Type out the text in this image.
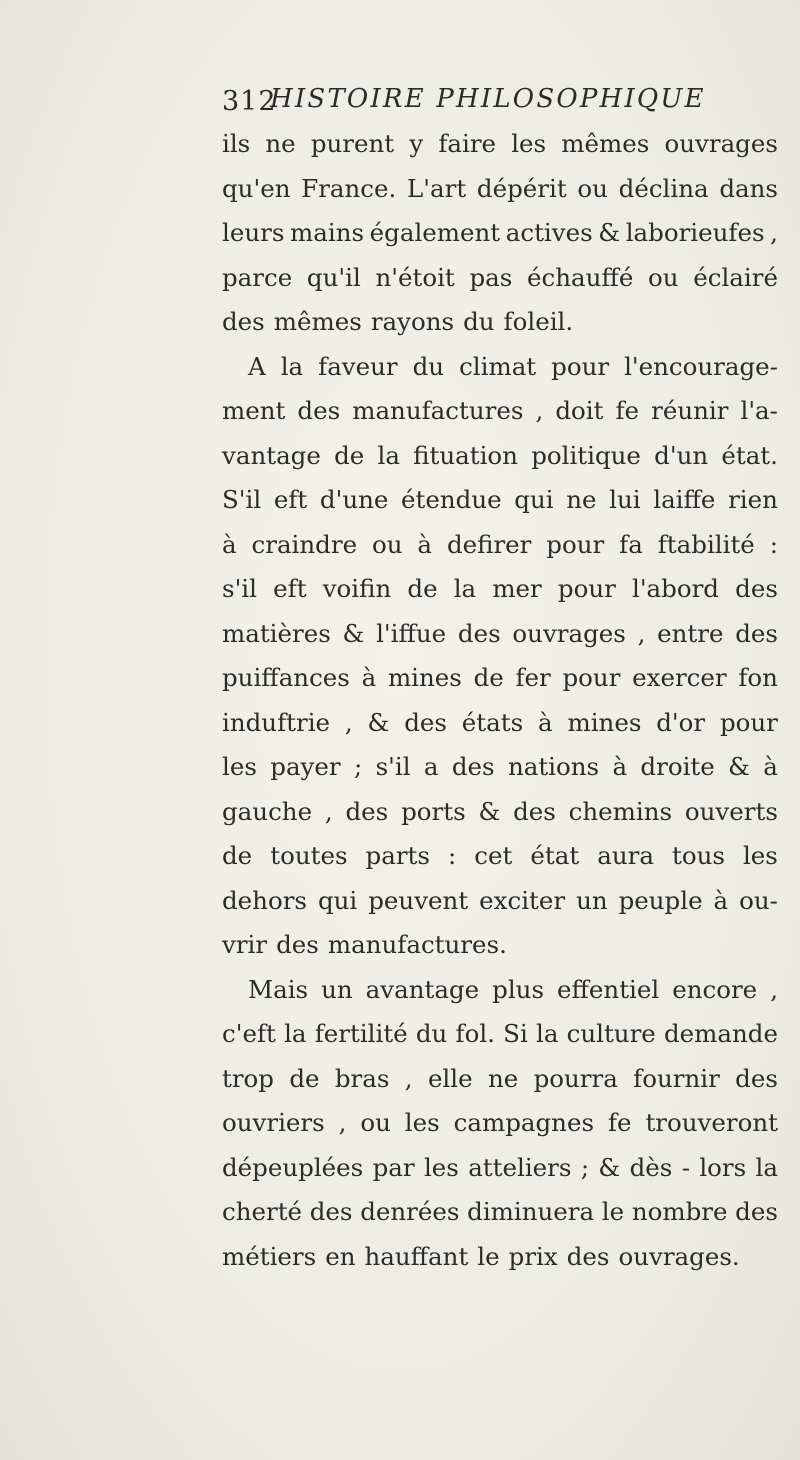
312
HISTOIRE PHILOSOPHIQUE
ils ne purent y faire les mêmes ouvrages
qu'en France. L'art dépérit ou déclina dans
leurs mains également actives & laborieufes ,
parce qu'il n'étoit pas échauffé ou éclairé
des mêmes rayons du foleil.
A la faveur du climat pour l'encourage-
ment des manufactures , doit fe réunir l'a-
vantage de la fituation politique d'un état.
S'il eft d'une étendue qui ne lui laiffe rien
à craindre ou à defirer pour fa ftabilité :
s'il eft voifin de la mer pour l'abord des
matières & l'iffue des ouvrages , entre des
puiffances à mines de fer pour exercer fon
induftrie , & des états à mines d'or pour
les payer ; s'il a des nations à droite & à
gauche , des ports & des chemins ouverts
de toutes parts : cet état aura tous les
dehors qui peuvent exciter un peuple à ou-
vrir des manufactures.
Mais un avantage plus effentiel encore ,
c'eft la fertilité du fol. Si la culture demande
trop de bras , elle ne pourra fournir des
ouvriers , ou les campagnes fe trouveront
dépeuplées par les atteliers ; & dès - lors la
cherté des denrées diminuera le nombre des
métiers en hauffant le prix des ouvrages.
